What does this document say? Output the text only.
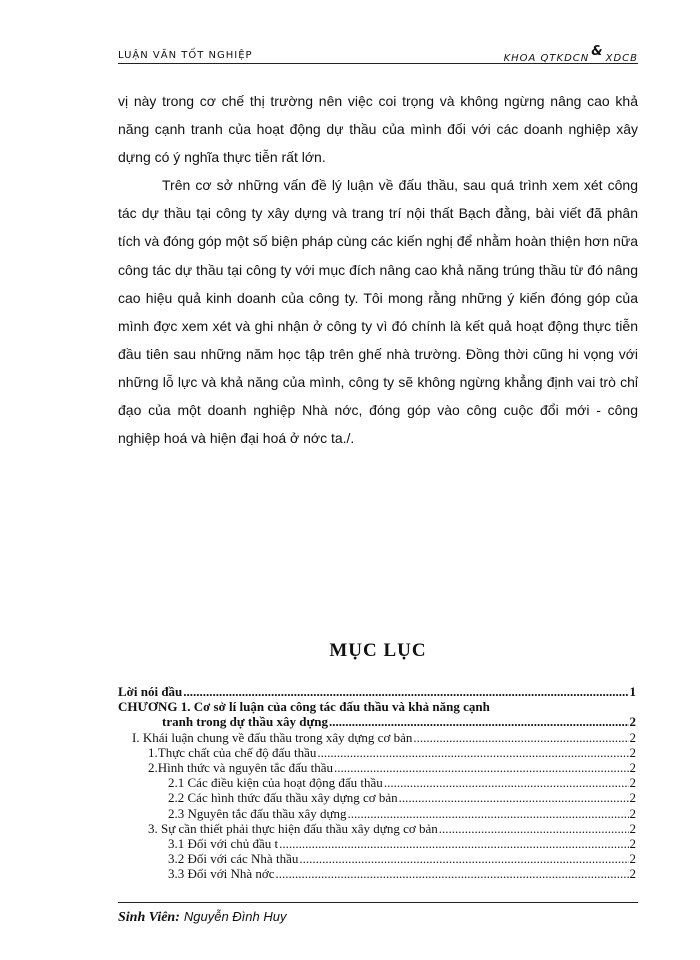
LUẬN VĂN TỐT NGHIỆP	KHOA QTKDCN & XDCB

vị này trong cơ chế thị trường nên việc coi trọng và không ngừng nâng cao khả năng cạnh tranh của hoạt động dự thầu của mình đối với các doanh nghiệp xây dựng có ý nghĩa thực tiễn rất lớn.

Trên cơ sở những vấn đề lý luận về đấu thầu, sau quá trình xem xét công tác dự thầu tại công ty xây dựng và trang trí nội thất Bạch đằng, bài viết đã phân tích và đóng góp một số biện pháp cùng các kiến nghị để nhằm hoàn thiện hơn nữa công tác dự thầu tại công ty với mục đích nâng cao khả năng trúng thầu từ đó nâng cao hiệu quả kinh doanh của công ty. Tôi mong rằng những ý kiến đóng góp của mình đợc xem xét và ghi nhận ở công ty vì đó chính là kết quả hoạt động thực tiễn đầu tiên sau những năm học tập trên ghế nhà trường. Đồng thời cũng hi vọng với những lỗ lực và khả năng của mình, công ty sẽ không ngừng khẳng định vai trò chỉ đạo của một doanh nghiệp Nhà nớc, đóng góp vào công cuộc đổi mới - công nghiệp hoá và hiện đại hoá ở nớc ta./.

MỤC LỤC
Lời nói đầu .....	1
CHƯƠNG 1. Cơ sở lí luận của công tác đấu thầu và khả năng cạnh
tranh trong dự thầu xây dựng .....	2
I. Khái luận chung về đấu thầu trong xây dựng cơ bản .....	2
1.Thực chất của chế độ đấu thầu .....	2
2.Hình thức và nguyên tắc đấu thầu .....	2
2.1 Các điều kiện của hoạt động đấu thầu .....	2
2.2 Các hình thức đấu thầu xây dựng cơ bản .....	2
2.3 Nguyên tắc đấu thầu xây dựng .....	2
3. Sự cần thiết phải thực hiện đấu thầu xây dựng cơ bản .....	2
3.1 Đối với chủ đầu t .....	2
3.2 Đối với các Nhà thầu .....	2
3.3 Đối với Nhà nớc .....	2
Sinh Viên: Nguyễn Đình Huy
